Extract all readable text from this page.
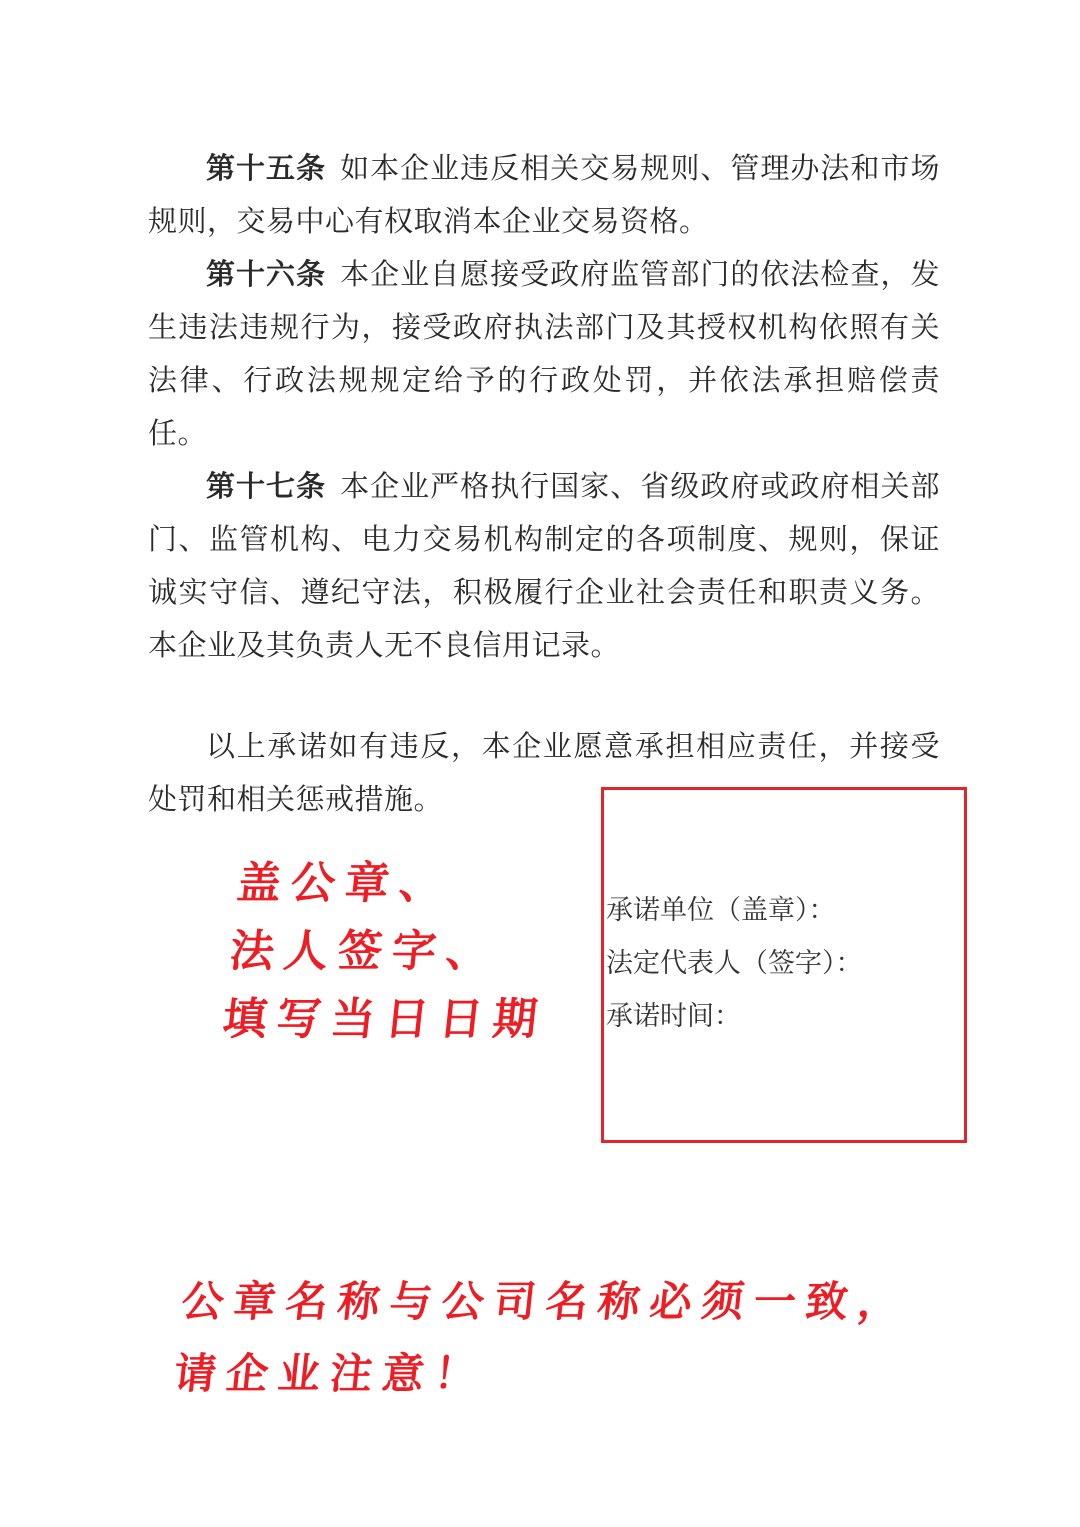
第十五条 如本企业违反相关交易规则、管理办法和市场规则，交易中心有权取消本企业交易资格。

第十六条 本企业自愿接受政府监管部门的依法检查，发生违法违规行为，接受政府执法部门及其授权机构依照有关法律、行政法规规定给予的行政处罚，并依法承担赔偿责任。

第十七条 本企业严格执行国家、省级政府或政府相关部门、监管机构、电力交易机构制定的各项制度、规则，保证诚实守信、遵纪守法，积极履行企业社会责任和职责义务。本企业及其负责人无不良信用记录。

以上承诺如有违反，本企业愿意承担相应责任，并接受处罚和相关惩戒措施。

盖公章、
法人签字、
填写当日日期
承诺单位（盖章）：
法定代表人（签字）：
承诺时间：
公章名称与公司名称必须一致，
请企业注意！
